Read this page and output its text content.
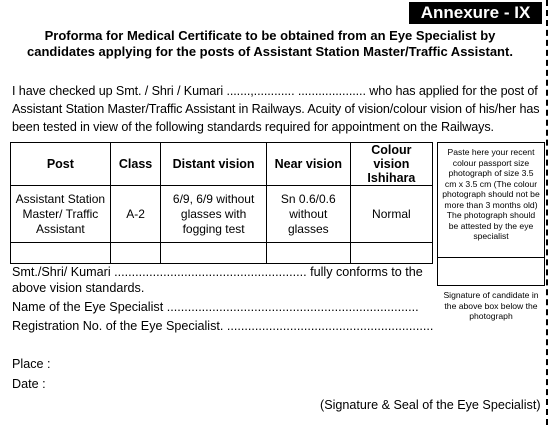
Annexure - IX

Proforma for Medical Certificate to be obtained from an Eye Specialist by candidates applying for the posts of Assistant Station Master/Traffic Assistant.

I have checked up Smt. / Shri / Kumari .......,............ .................... who has applied for the post of Assistant Station Master/Traffic Assistant in Railways. Acuity of vision/colour vision of his/her has been tested in view of the following standards required for appointment on the Railways.

Post	Class	Distant vision	Near vision	Colour vision Ishihara
Assistant Station Master/ Traffic Assistant	A-2	6/9, 6/9 without glasses with fogging test	Sn 0.6/0.6 without glasses	Normal

Paste here your recent colour passport size photograph of size 3.5 cm x 3.5 cm (The colour photograph should not be more than 3 months old) The photograph should be attested by the eye specialist
Signature of candidate in the above box below the photograph
Smt./Shri/ Kumari ....................................................... fully conforms to the
above vision standards.
Name of the Eye Specialist ........................................................................
Registration No. of the Eye Specialist. ...........................................................
Place :
Date :
(Signature & Seal of the Eye Specialist)
